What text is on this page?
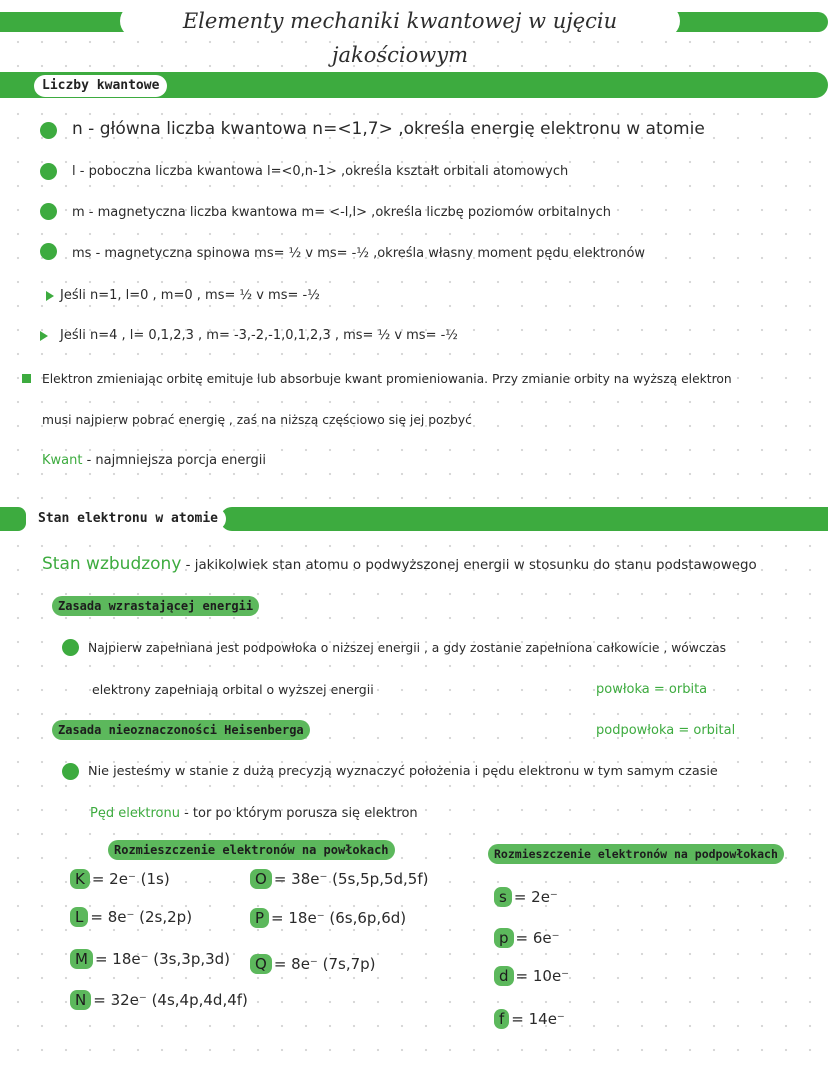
Elementy mechaniki kwantowej w ujęciu jakościowym
Liczby kwantowe
n - główna liczba kwantowa n=<1,7> ,określa energię elektronu w atomie
l - poboczna liczba kwantowa l=<0,n-1> ,określa kształt orbitali atomowych
m - magnetyczna liczba kwantowa m= <-l,l> ,określa liczbę poziomów orbitalnych
ms - magnetyczna spinowa ms= ½ v ms= -½ ,określa własny moment pędu elektronów
Jeśli n=1, l=0 , m=0 , ms= ½ v ms= -½
Jeśli n=4 , l= 0,1,2,3 , m= -3,-2,-1,0,1,2,3 , ms= ½ v ms= -½
Elektron zmieniając orbitę emituje lub absorbuje kwant promieniowania. Przy zmianie orbity na wyższą elektron
musi najpierw pobrać energię , zaś na niższą częściowo się jej pozbyć
Kwant - najmniejsza porcja energii
Stan elektronu w atomie
Stan wzbudzony - jakikolwiek stan atomu o podwyższonej energii w stosunku do stanu podstawowego
Zasada wzrastającej energii
Najpierw zapełniana jest podpowłoka o niższej energii , a gdy zostanie zapełniona całkowicie , wówczas
elektrony zapełniają orbital o wyższej energii	powłoka = orbita
Zasada nieoznaczoności Heisenberga	podpowłoka = orbital
Nie jesteśmy w stanie z dużą precyzją wyznaczyć położenia i pędu elektronu w tym samym czasie
Pęd elektronu - tor po którym porusza się elektron
Rozmieszczenie elektronów na powłokach
K = 2e⁻ (1s)
L = 8e⁻ (2s,2p)
M = 18e⁻ (3s,3p,3d)
N = 32e⁻ (4s,4p,4d,4f)
O = 38e⁻ (5s,5p,5d,5f)
P = 18e⁻ (6s,6p,6d)
Q = 8e⁻ (7s,7p)
Rozmieszczenie elektronów na podpowłokach
s = 2e⁻
p = 6e⁻
d = 10e⁻
f = 14e⁻
